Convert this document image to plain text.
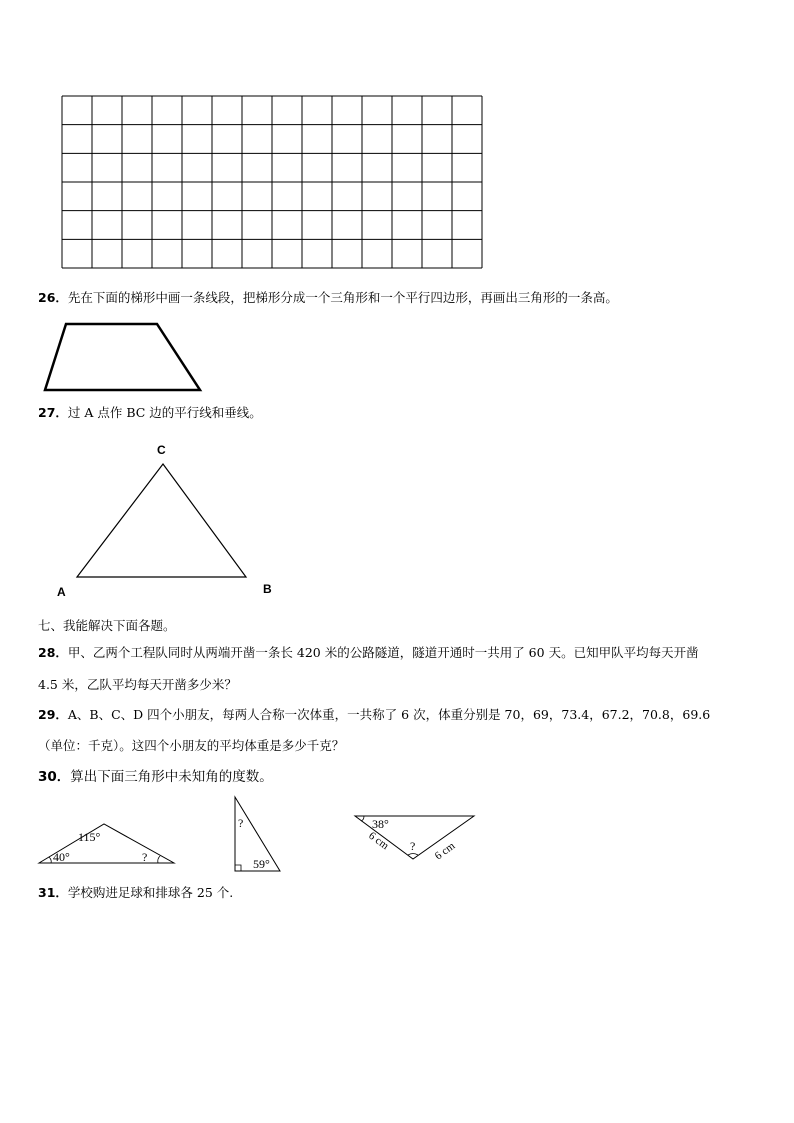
26．先在下面的梯形中画一条线段，把梯形分成一个三角形和一个平行四边形，再画出三角形的一条高。
27．过 A 点作 BC 边的平行线和垂线。
C
A	B
七、我能解决下面各题。
28．甲、乙两个工程队同时从两端开凿一条长 420 米的公路隧道，隧道开通时一共用了 60 天。已知甲队平均每天开凿
4.5 米，乙队平均每天开凿多少米？
29．A、B、C、D 四个小朋友，每两人合称一次体重，一共称了 6 次，体重分别是 70，69，73.4，67.2，70.8，69.6
（单位：千克）。这四个小朋友的平均体重是多少千克？
30．算出下面三角形中未知角的度数。
115°
40°	?
?
59°
38°
?
6 cm	6 cm
31．学校购进足球和排球各 25 个.
